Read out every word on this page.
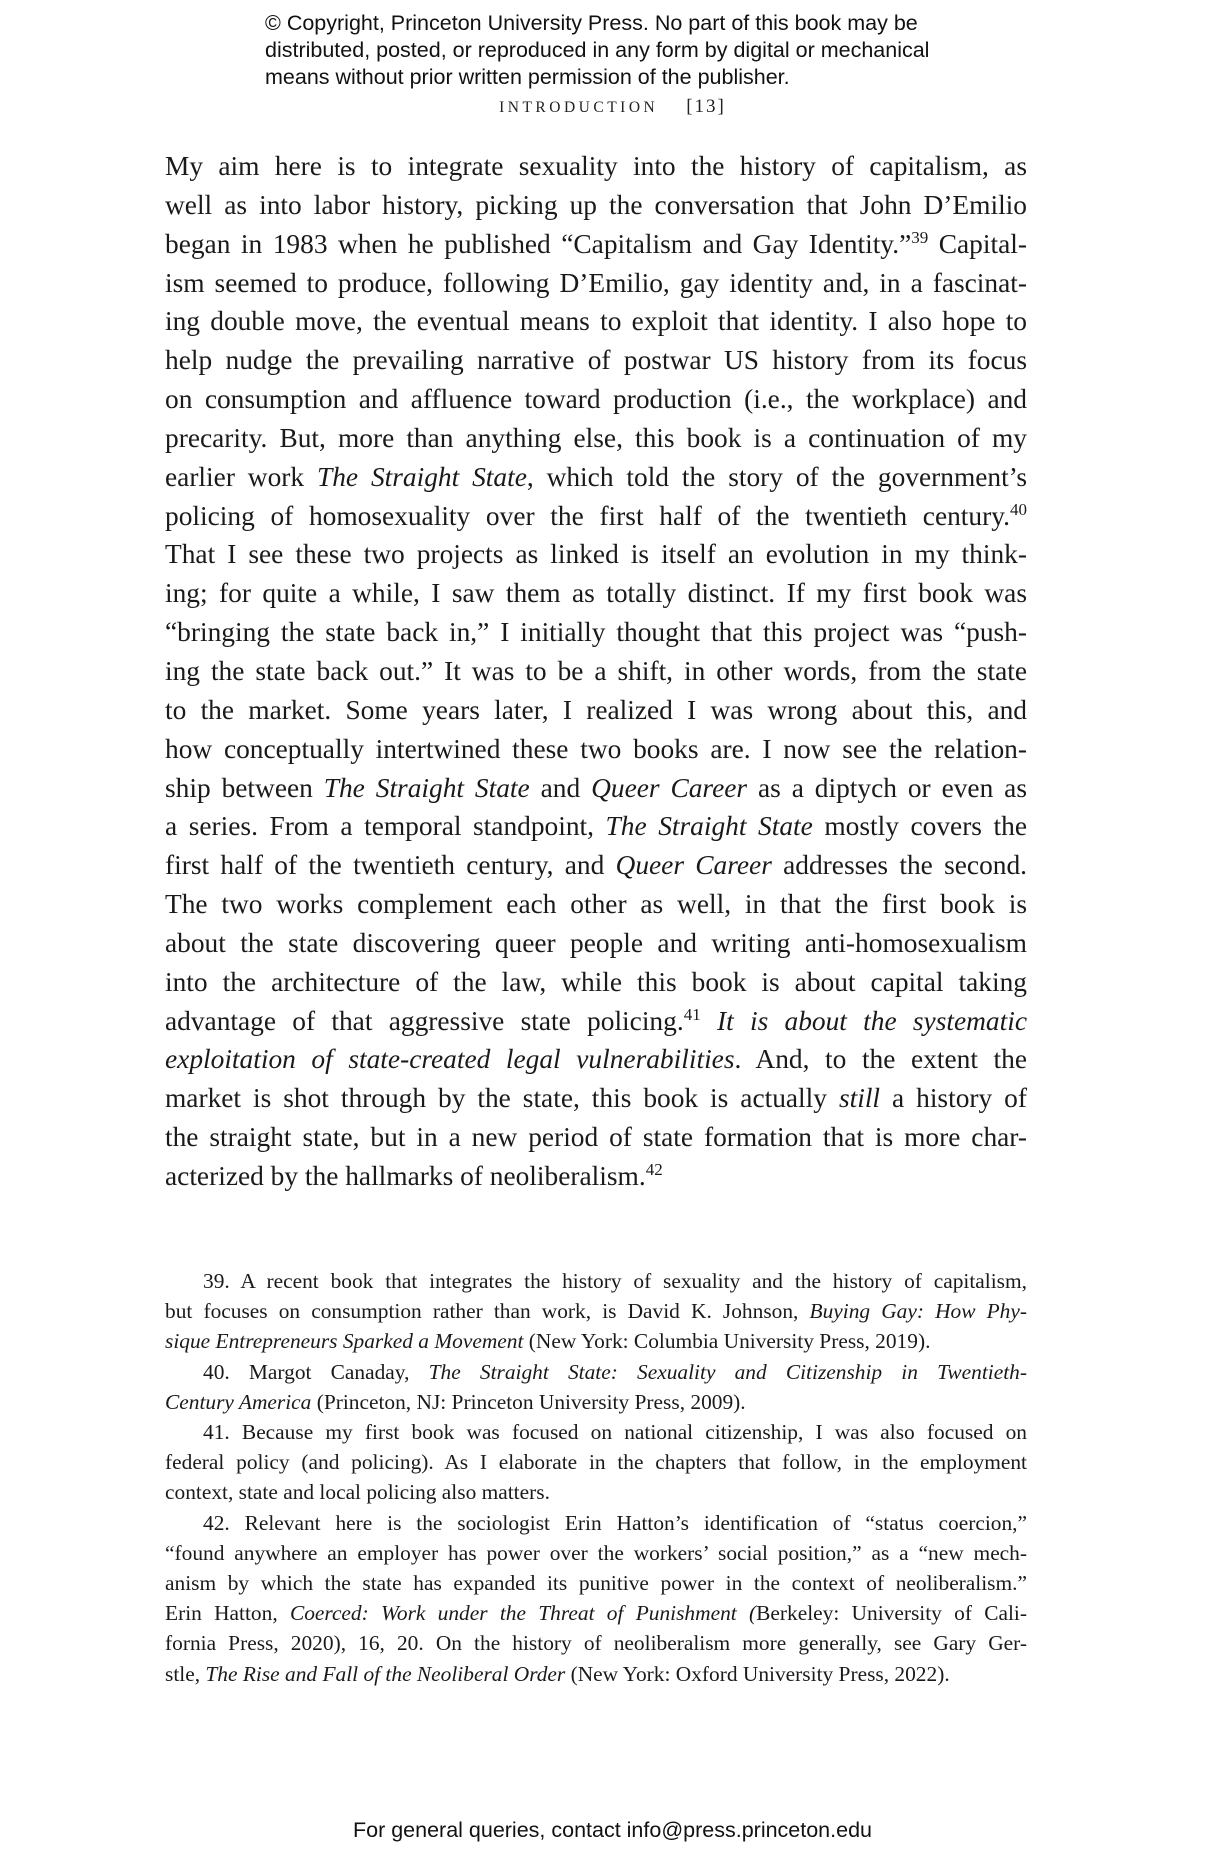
© Copyright, Princeton University Press. No part of this book may be

distributed, posted, or reproduced in any form by digital or mechanical

means without prior written permission of the publisher.

INTRODUCTION [13]
My aim here is to integrate sexuality into the history of capitalism, as
well as into labor history, picking up the conversation that John D’Emilio
began in 1983 when he published “Capitalism and Gay Identity.”$^{39}$ Capital-
ism seemed to produce, following D’Emilio, gay identity and, in a fascinat-
ing double move, the eventual means to exploit that identity. I also hope to
help nudge the prevailing narrative of postwar US history from its focus
on consumption and affluence toward production (i.e., the workplace) and
precarity. But, more than anything else, this book is a continuation of my
earlier work The Straight State, which told the story of the government’s
policing of homosexuality over the first half of the twentieth century.$^{40}$
That I see these two projects as linked is itself an evolution in my think-
ing; for quite a while, I saw them as totally distinct. If my first book was
“bringing the state back in,” I initially thought that this project was “push-
ing the state back out.” It was to be a shift, in other words, from the state
to the market. Some years later, I realized I was wrong about this, and
how conceptually intertwined these two books are. I now see the relation-
ship between The Straight State and Queer Career as a diptych or even as
a series. From a temporal standpoint, The Straight State mostly covers the
first half of the twentieth century, and Queer Career addresses the second.
The two works complement each other as well, in that the first book is
about the state discovering queer people and writing anti-homosexualism
into the architecture of the law, while this book is about capital taking
advantage of that aggressive state policing.$^{41}$ It is about the systematic
exploitation of state-created legal vulnerabilities. And, to the extent the
market is shot through by the state, this book is actually still a history of
the straight state, but in a new period of state formation that is more char-
acterized by the hallmarks of neoliberalism.$^{42}$
39. A recent book that integrates the history of sexuality and the history of capitalism,
but focuses on consumption rather than work, is David K. Johnson, Buying Gay: How Phy-
sique Entrepreneurs Sparked a Movement (New York: Columbia University Press, 2019).
40. Margot Canaday, The Straight State: Sexuality and Citizenship in Twentieth-
Century America (Princeton, NJ: Princeton University Press, 2009).
41. Because my first book was focused on national citizenship, I was also focused on
federal policy (and policing). As I elaborate in the chapters that follow, in the employment
context, state and local policing also matters.
42. Relevant here is the sociologist Erin Hatton’s identification of “status coercion,”
“found anywhere an employer has power over the workers’ social position,” as a “new mech-
anism by which the state has expanded its punitive power in the context of neoliberalism.”
Erin Hatton, Coerced: Work under the Threat of Punishment (Berkeley: University of Cali-
fornia Press, 2020), 16, 20. On the history of neoliberalism more generally, see Gary Ger-
stle, The Rise and Fall of the Neoliberal Order (New York: Oxford University Press, 2022).
For general queries, contact info@press.princeton.edu
